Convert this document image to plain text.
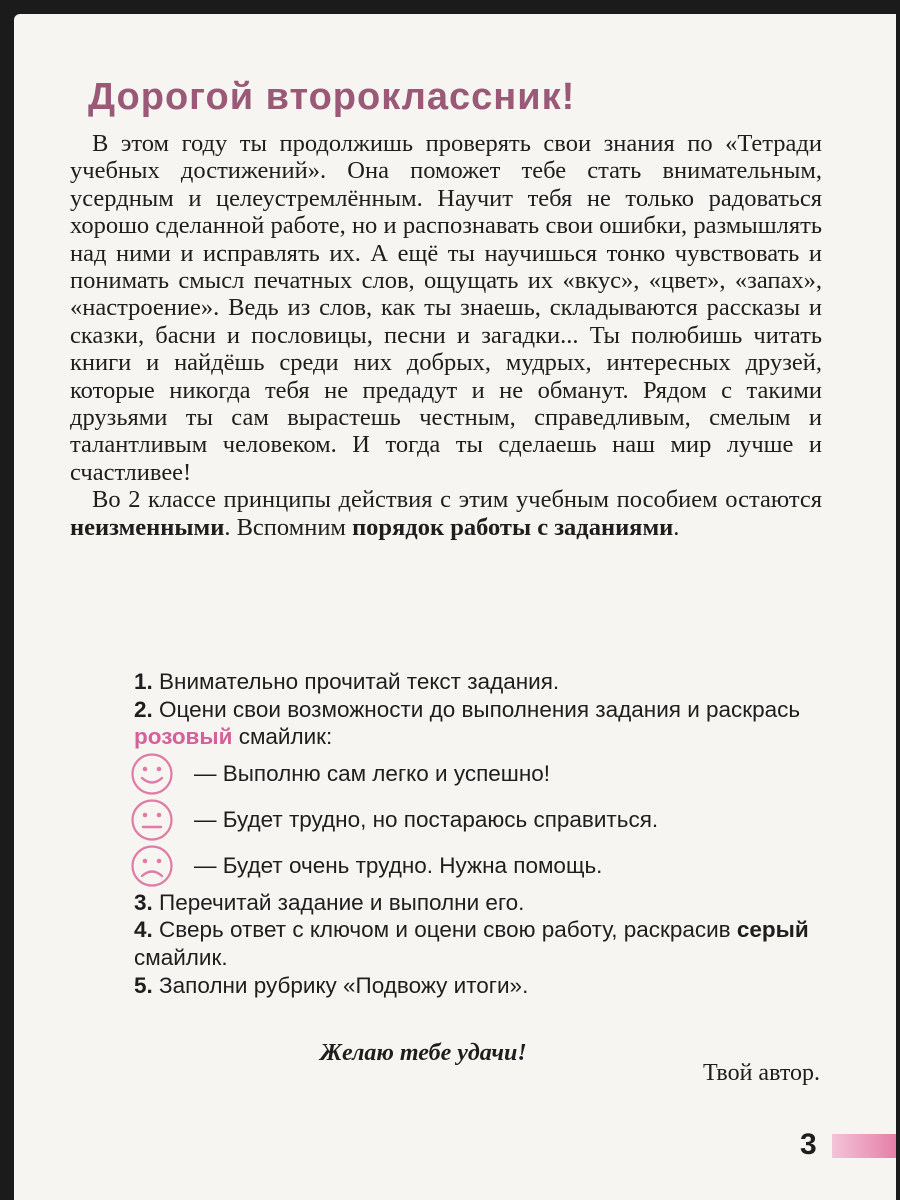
Дорогой второклассник!

В этом году ты продолжишь проверять свои знания по «Тетради учебных достижений». Она поможет тебе стать внимательным, усердным и целеустремлённым. Научит тебя не только радоваться хорошо сделанной работе, но и распознавать свои ошибки, размышлять над ними и исправлять их. А ещё ты научишься тонко чувствовать и понимать смысл печатных слов, ощущать их «вкус», «цвет», «запах», «настроение». Ведь из слов, как ты знаешь, складываются рассказы и сказки, басни и пословицы, песни и загадки... Ты полюбишь читать книги и найдёшь среди них добрых, мудрых, интересных друзей, которые никогда тебя не предадут и не обманут. Рядом с такими друзьями ты сам вырастешь честным, справедливым, смелым и талантливым человеком. И тогда ты сделаешь наш мир лучше и счастливее!

Во 2 классе принципы действия с этим учебным пособием остаются неизменными. Вспомним порядок работы с заданиями.

1. Внимательно прочитай текст задания.

2. Оцени свои возможности до выполнения задания и раскрась розовый смайлик:

— Выполню сам легко и успешно!
— Будет трудно, но постараюсь справиться.
— Будет очень трудно. Нужна помощь.

3. Перечитай задание и выполни его.

4. Сверь ответ с ключом и оцени свою работу, раскрасив серый смайлик.

5. Заполни рубрику «Подвожу итоги».

Желаю тебе удачи!
Твой автор.
3
